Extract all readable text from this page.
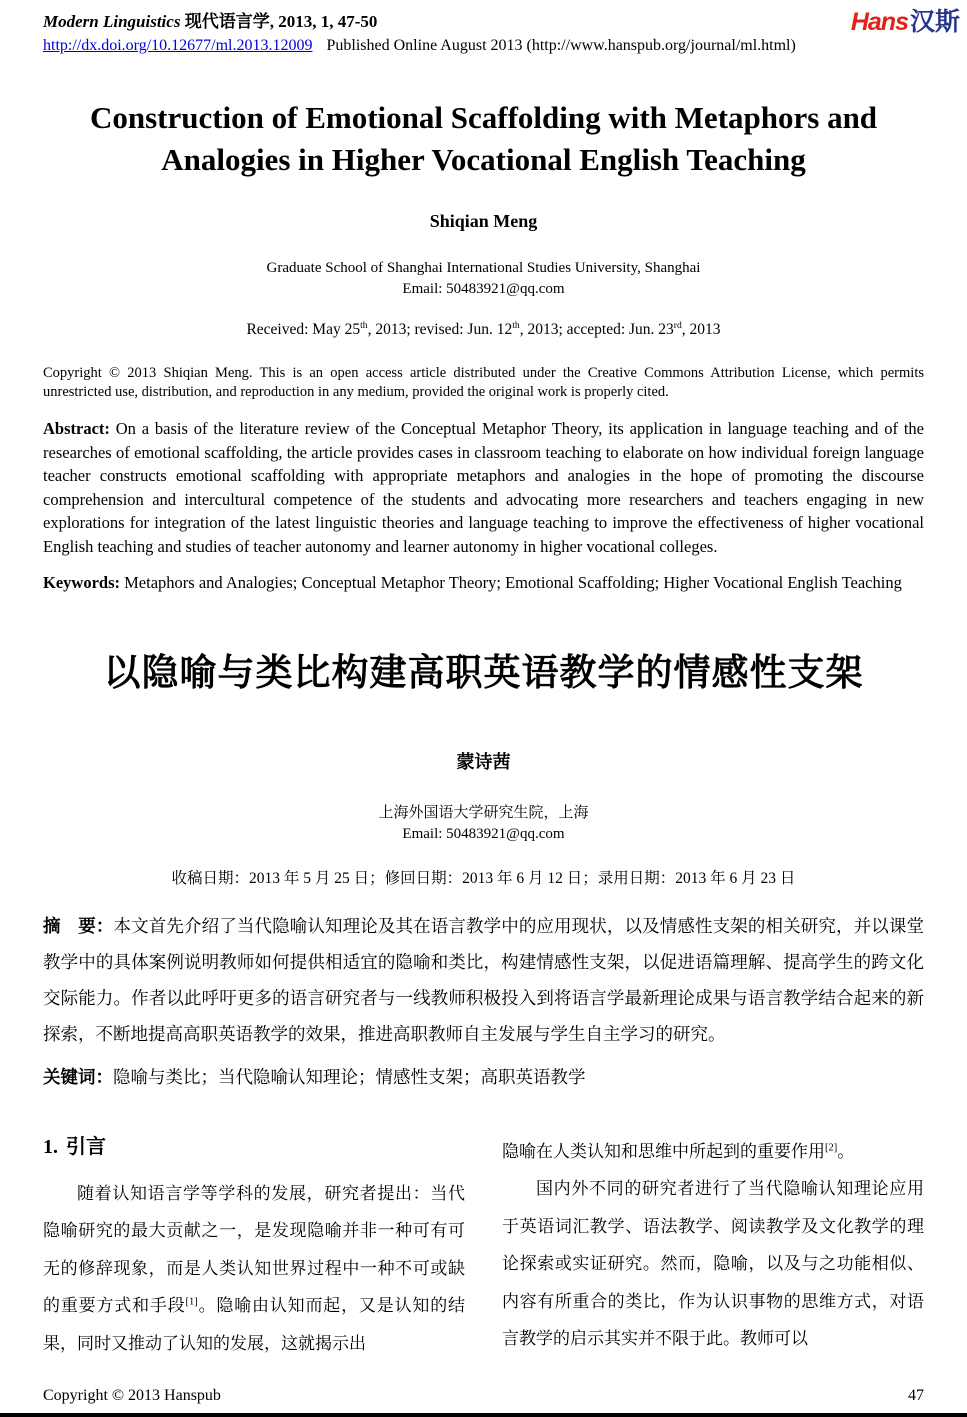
Modern Linguistics 现代语言学, 2013, 1, 47-50
http://dx.doi.org/10.12677/ml.2013.12009 Published Online August 2013 (http://www.hanspub.org/journal/ml.html)
Hans汉斯
Construction of Emotional Scaffolding with Metaphors and Analogies in Higher Vocational English Teaching
Shiqian Meng
Graduate School of Shanghai International Studies University, Shanghai
Email: 50483921@qq.com
Received: May 25th, 2013; revised: Jun. 12th, 2013; accepted: Jun. 23rd, 2013

Copyright © 2013 Shiqian Meng. This is an open access article distributed under the Creative Commons Attribution License, which permits unrestricted use, distribution, and reproduction in any medium, provided the original work is properly cited.

Abstract: On a basis of the literature review of the Conceptual Metaphor Theory, its application in language teaching and of the researches of emotional scaffolding, the article provides cases in classroom teaching to elaborate on how individual foreign language teacher constructs emotional scaffolding with appropriate metaphors and analogies in the hope of promoting the discourse comprehension and intercultural competence of the students and advocating more researchers and teachers engaging in new explorations for integration of the latest linguistic theories and language teaching to improve the effectiveness of higher vocational English teaching and studies of teacher autonomy and learner autonomy in higher vocational colleges.

Keywords: Metaphors and Analogies; Conceptual Metaphor Theory; Emotional Scaffolding; Higher Vocational English Teaching

以隐喻与类比构建高职英语教学的情感性支架
蒙诗茜
上海外国语大学研究生院，上海
Email: 50483921@qq.com
收稿日期：2013 年 5 月 25 日；修回日期：2013 年 6 月 12 日；录用日期：2013 年 6 月 23 日

摘　要：本文首先介绍了当代隐喻认知理论及其在语言教学中的应用现状，以及情感性支架的相关研究，并以课堂教学中的具体案例说明教师如何提供相适宜的隐喻和类比，构建情感性支架，以促进语篇理解、提高学生的跨文化交际能力。作者以此呼吁更多的语言研究者与一线教师积极投入到将语言学最新理论成果与语言教学结合起来的新探索，不断地提高高职英语教学的效果，推进高职教师自主发展与学生自主学习的研究。

关键词：隐喻与类比；当代隐喻认知理论；情感性支架；高职英语教学

1. 引言

随着认知语言学等学科的发展，研究者提出：当代隐喻研究的最大贡献之一，是发现隐喻并非一种可有可无的修辞现象，而是人类认知世界过程中一种不可或缺的重要方式和手段[1]。隐喻由认知而起，又是认知的结果，同时又推动了认知的发展，这就揭示出

隐喻在人类认知和思维中所起到的重要作用[2]。

国内外不同的研究者进行了当代隐喻认知理论应用于英语词汇教学、语法教学、阅读教学及文化教学的理论探索或实证研究。然而，隐喻，以及与之功能相似、内容有所重合的类比，作为认识事物的思维方式，对语言教学的启示其实并不限于此。教师可以

Copyright © 2013 Hanspub	47
